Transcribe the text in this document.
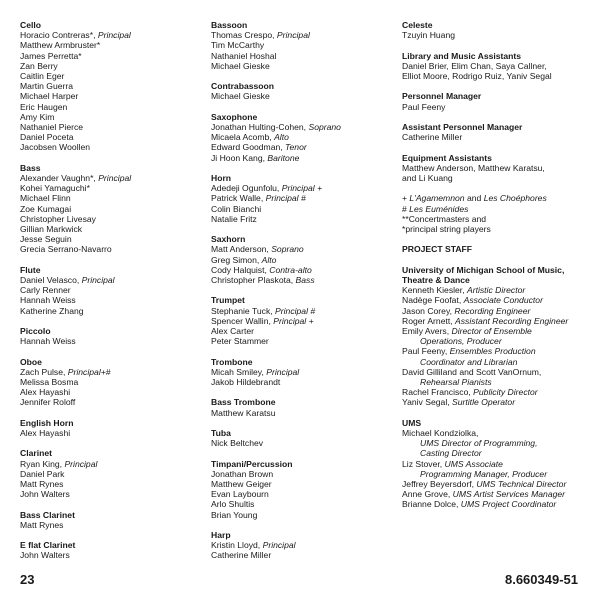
Cello
Horacio Contreras*, Principal
Matthew Armbruster*
James Perretta*
Zan Berry
Caitlin Eger
Martin Guerra
Michael Harper
Eric Haugen
Amy Kim
Nathaniel Pierce
Daniel Poceta
Jacobsen Woollen
Bass
Alexander Vaughn*, Principal
Kohei Yamaguchi*
Michael Flinn
Zoe Kumagai
Christopher Livesay
Gillian Markwick
Jesse Seguin
Grecia Serrano-Navarro
Flute
Daniel Velasco, Principal
Carly Renner
Hannah Weiss
Katherine Zhang
Piccolo
Hannah Weiss
Oboe
Zach Pulse, Principal+#
Melissa Bosma
Alex Hayashi
Jennifer Roloff
English Horn
Alex Hayashi
Clarinet
Ryan King, Principal
Daniel Park
Matt Rynes
John Walters
Bass Clarinet
Matt Rynes
E flat Clarinet
John Walters
Bassoon
Thomas Crespo, Principal
Tim McCarthy
Nathaniel Hoshal
Michael Gieske
Contrabassoon
Michael Gieske
Saxophone
Jonathan Hulting-Cohen, Soprano
Micaela Acomb, Alto
Edward Goodman, Tenor
Ji Hoon Kang, Baritone
Horn
Adedeji Ogunfolu, Principal +
Patrick Walle, Principal #
Colin Bianchi
Natalie Fritz
Saxhorn
Matt Anderson, Soprano
Greg Simon, Alto
Cody Halquist, Contra-alto
Christopher Plaskota, Bass
Trumpet
Stephanie Tuck, Principal #
Spencer Wallin, Principal +
Alex Carter
Peter Stammer
Trombone
Micah Smiley, Principal
Jakob Hildebrandt
Bass Trombone
Matthew Karatsu
Tuba
Nick Beltchev
Timpani/Percussion
Jonathan Brown
Matthew Geiger
Evan Laybourn
Arlo Shultis
Brian Young
Harp
Kristin Lloyd, Principal
Catherine Miller
Celeste
Tzuyin Huang
Library and Music Assistants
Daniel Brier, Elim Chan, Saya Callner,
Elliot Moore, Rodrigo Ruiz, Yaniv Segal
Personnel Manager
Paul Feeny
Assistant Personnel Manager
Catherine Miller
Equipment Assistants
Matthew Anderson, Matthew Karatsu,
and Li Kuang
+ L'Agamemnon and Les Choéphores
# Les Euménides
**Concertmasters and
*principal string players
PROJECT STAFF
University of Michigan School of Music, Theatre & Dance
Kenneth Kiesler, Artistic Director
Nadège Foofat, Associate Conductor
Jason Corey, Recording Engineer
Roger Arnett, Assistant Recording Engineer
Emily Avers, Director of Ensemble
Operations, Producer
Paul Feeny, Ensembles Production
Coordinator and Librarian
David Gilliland and Scott VanOrnum,
Rehearsal Pianists
Rachel Francisco, Publicity Director
Yaniv Segal, Surtitle Operator
UMS
Michael Kondziolka,
UMS Director of Programming,
Casting Director
Liz Stover, UMS Associate
Programming Manager, Producer
Jeffrey Beyersdorf, UMS Technical Director
Anne Grove, UMS Artist Services Manager
Brianne Dolce, UMS Project Coordinator
23	8.660349-51
